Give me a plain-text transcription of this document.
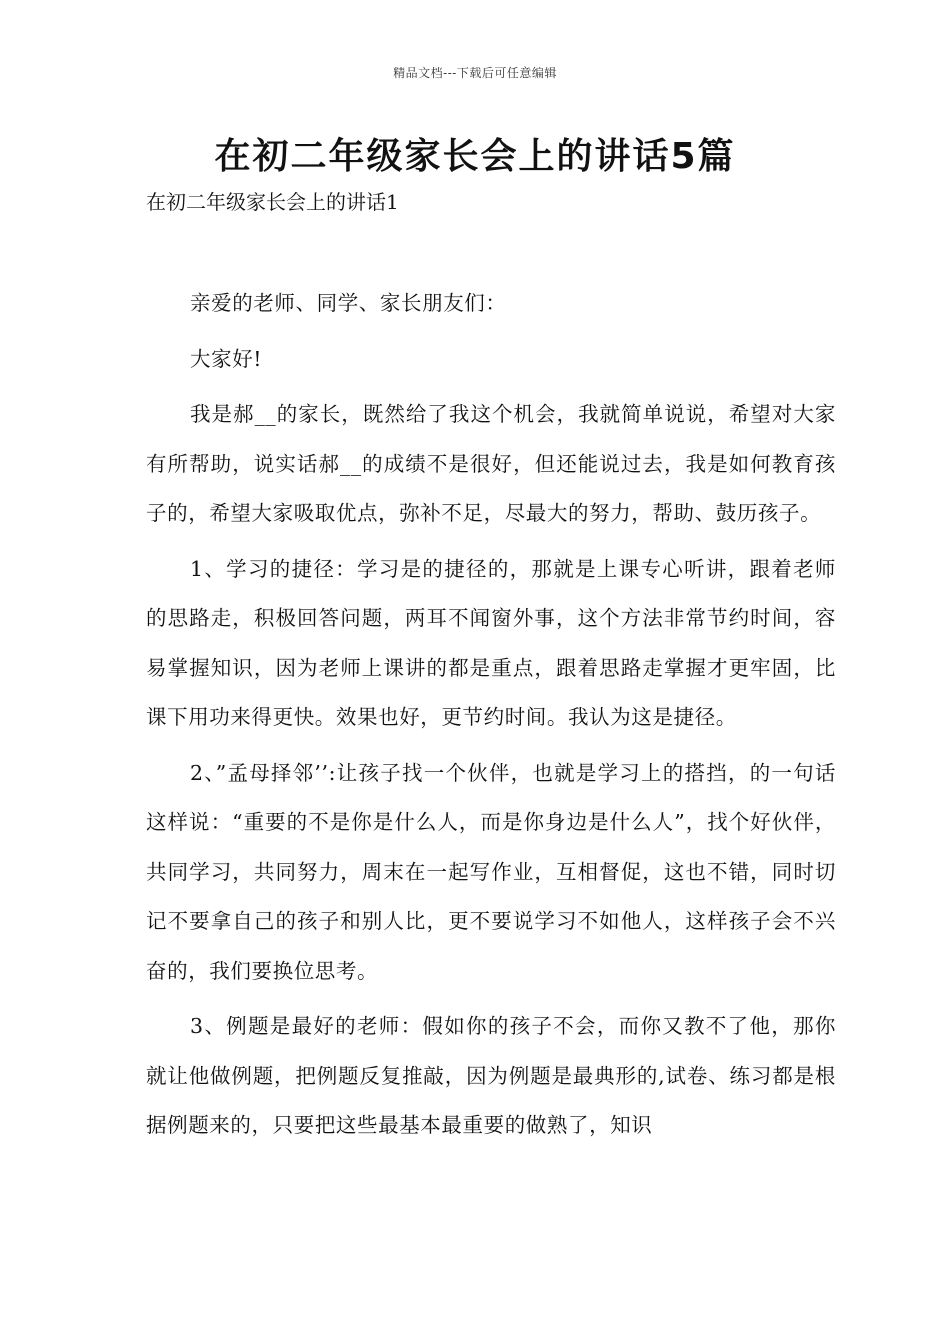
精品文档---下载后可任意编辑
在初二年级家长会上的讲话5篇
在初二年级家长会上的讲话1

亲爱的老师、同学、家长朋友们：

大家好!

我是郝__的家长，既然给了我这个机会，我就简单说说，希望对大家有所帮助，说实话郝__的成绩不是很好，但还能说过去，我是如何教育孩子的，希望大家吸取优点，弥补不足，尽最大的努力，帮助、鼓历孩子。

1、学习的捷径：学习是的捷径的，那就是上课专心听讲，跟着老师的思路走，积极回答问题，两耳不闻窗外事，这个方法非常节约时间，容易掌握知识，因为老师上课讲的都是重点，跟着思路走掌握才更牢固，比课下用功来得更快。效果也好，更节约时间。我认为这是捷径。

2、”孟母择邻’’:让孩子找一个伙伴，也就是学习上的搭挡，的一句话这样说：“重要的不是你是什么人，而是你身边是什么人”，找个好伙伴，共同学习，共同努力，周末在一起写作业，互相督促，这也不错，同时切记不要拿自己的孩子和别人比，更不要说学习不如他人，这样孩子会不兴奋的，我们要换位思考。

3、例题是最好的老师：假如你的孩子不会，而你又教不了他，那你就让他做例题，把例题反复推敲，因为例题是最典形的,试卷、练习都是根据例题来的，只要把这些最基本最重要的做熟了，知识
